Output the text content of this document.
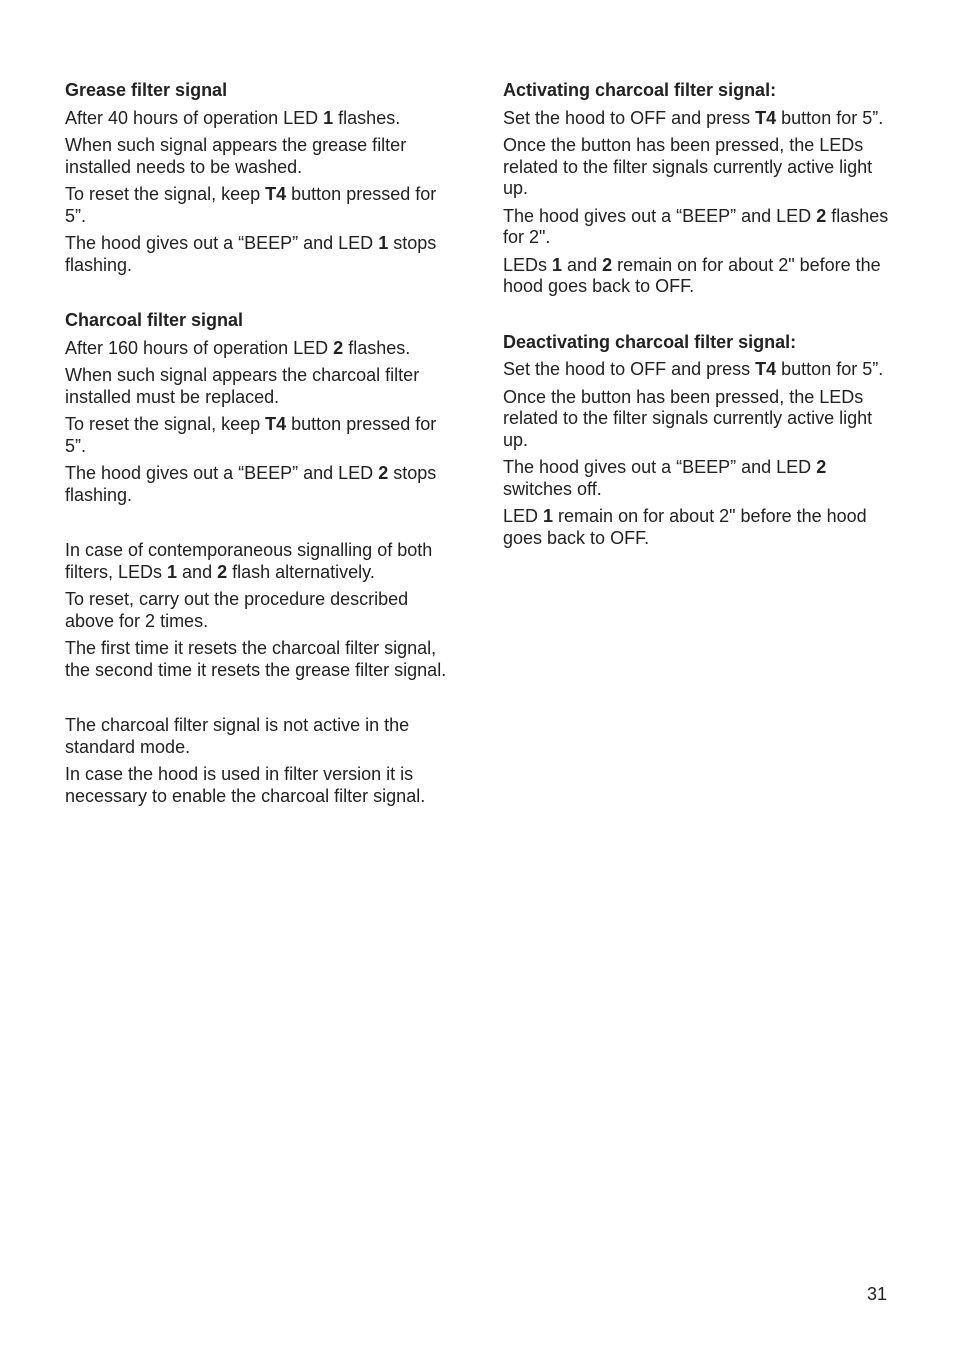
Grease filter signal

After 40 hours of operation LED 1 flashes.

When such signal appears the grease filter installed needs to be washed.

To reset the signal, keep T4 button pressed for 5”.

The hood gives out a “BEEP” and LED 1 stops flashing.

Charcoal filter signal

After 160 hours of operation LED 2 flashes.

When such signal appears the charcoal filter installed must be replaced.

To reset the signal, keep T4 button pressed for 5”.

The hood gives out a “BEEP” and LED 2 stops flashing.

In case of contemporaneous signalling of both filters, LEDs 1 and 2 flash alternatively.

To reset, carry out the procedure described above for 2 times.

The first time it resets the charcoal filter signal, the second time it resets the grease filter signal.

The charcoal filter signal is not active in the standard mode.

In case the hood is used in filter version it is necessary to enable the charcoal filter signal.

Activating charcoal filter signal:

Set the hood to OFF and press T4 button for 5”.

Once the button has been pressed, the LEDs related to the filter signals currently active light up.

The hood gives out a “BEEP” and LED 2 flashes for 2".

LEDs 1 and 2 remain on for about 2" before the hood goes back to OFF.

Deactivating charcoal filter signal:

Set the hood to OFF and press T4 button for 5”.

Once the button has been pressed, the LEDs related to the filter signals currently active light up.

The hood gives out a “BEEP” and LED 2 switches off.

LED 1 remain on for about 2" before the hood goes back to OFF.

31
